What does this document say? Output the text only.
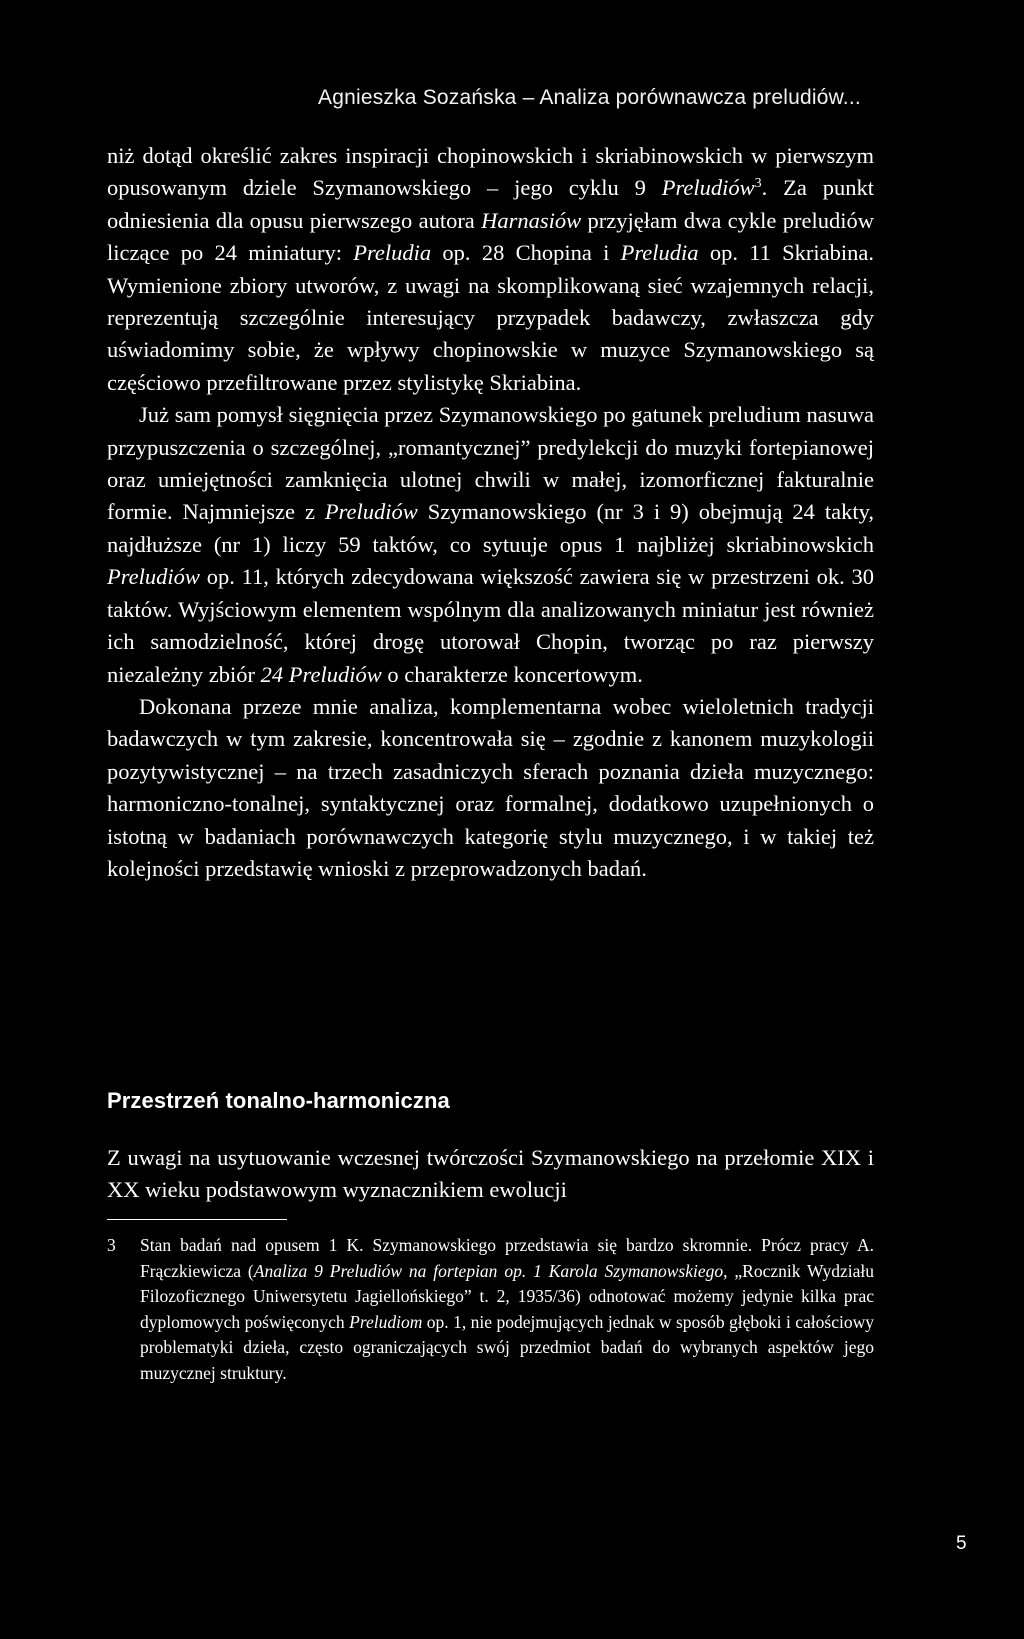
Agnieszka Sozańska – Analiza porównawcza preludiów...

niż dotąd określić zakres inspiracji chopinowskich i skriabinowskich w pierwszym opusowanym dziele Szymanowskiego – jego cyklu 9 Preludiów$^3$. Za punkt odniesienia dla opusu pierwszego autora Harnasiów przyjęłam dwa cykle preludiów liczące po 24 miniatury: Preludia op. 28 Chopina i Preludia op. 11 Skriabina. Wymienione zbiory utworów, z uwagi na skomplikowaną sieć wzajemnych relacji, reprezentują szczególnie interesujący przypadek badawczy, zwłaszcza gdy uświadomimy sobie, że wpływy chopinowskie w muzyce Szymanowskiego są częściowo przefiltrowane przez stylistykę Skriabina.

Już sam pomysł sięgnięcia przez Szymanowskiego po gatunek preludium nasuwa przypuszczenia o szczególnej, „romantycznej” predylekcji do muzyki fortepianowej oraz umiejętności zamknięcia ulotnej chwili w małej, izomorficznej fakturalnie formie. Najmniejsze z Preludiów Szymanowskiego (nr 3 i 9) obejmują 24 takty, najdłuższe (nr 1) liczy 59 taktów, co sytuuje opus 1 najbliżej skriabinowskich Preludiów op. 11, których zdecydowana większość zawiera się w przestrzeni ok. 30 taktów. Wyjściowym elementem wspólnym dla analizowanych miniatur jest również ich samodzielność, której drogę utorował Chopin, tworząc po raz pierwszy niezależny zbiór 24 Preludiów o charakterze koncertowym.

Dokonana przeze mnie analiza, komplementarna wobec wieloletnich tradycji badawczych w tym zakresie, koncentrowała się – zgodnie z kanonem muzykologii pozytywistycznej – na trzech zasadniczych sferach poznania dzieła muzycznego: harmoniczno-tonalnej, syntaktycznej oraz formalnej, dodatkowo uzupełnionych o istotną w badaniach porównawczych kategorię stylu muzycznego, i w takiej też kolejności przedstawię wnioski z przeprowadzonych badań.

Przestrzeń tonalno-harmoniczna

Z uwagi na usytuowanie wczesnej twórczości Szymanowskiego na przełomie XIX i XX wieku podstawowym wyznacznikiem ewolucji

3 Stan badań nad opusem 1 K. Szymanowskiego przedstawia się bardzo skromnie. Prócz pracy A. Frączkiewicza (Analiza 9 Preludiów na fortepian op. 1 Karola Szymanowskiego, „Rocznik Wydziału Filozoficznego Uniwersytetu Jagiellońskiego” t. 2, 1935/36) odnotować możemy jedynie kilka prac dyplomowych poświęconych Preludiom op. 1, nie podejmujących jednak w sposób głęboki i całościowy problematyki dzieła, często ograniczających swój przedmiot badań do wybranych aspektów jego muzycznej struktury.
5
